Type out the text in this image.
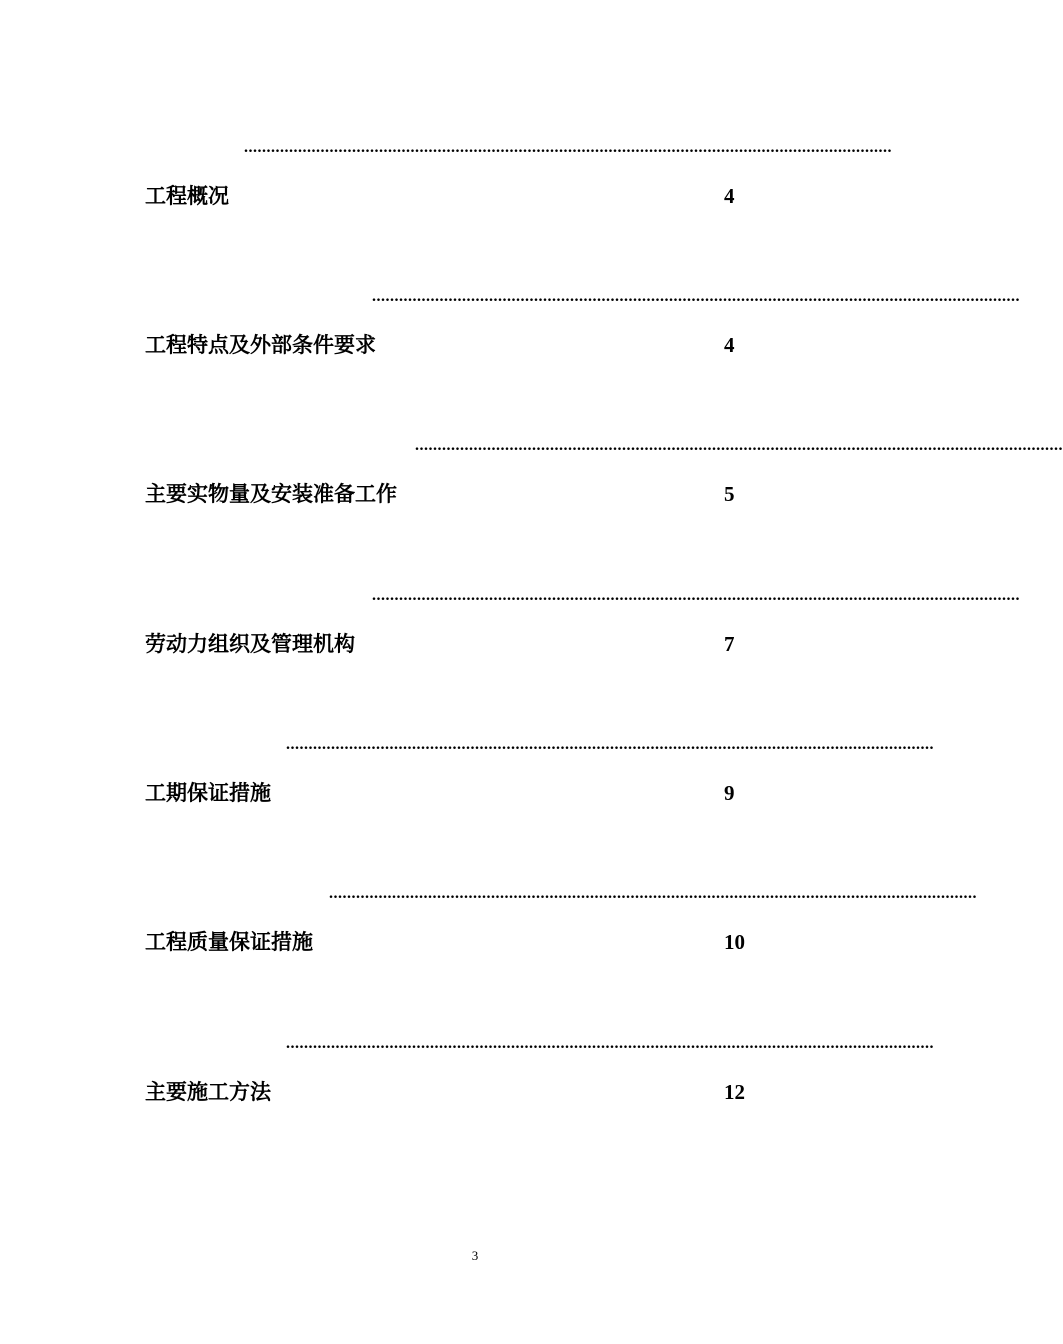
................................................................................................................................................
工程概况	4
................................................................................................................................................
工程特点及外部条件要求	4
................................................................................................................................................
主要实物量及安装准备工作	5
................................................................................................................................................
劳动力组织及管理机构	7
................................................................................................................................................
工期保证措施	9
................................................................................................................................................
工程质量保证措施	10
................................................................................................................................................
主要施工方法	12
3
